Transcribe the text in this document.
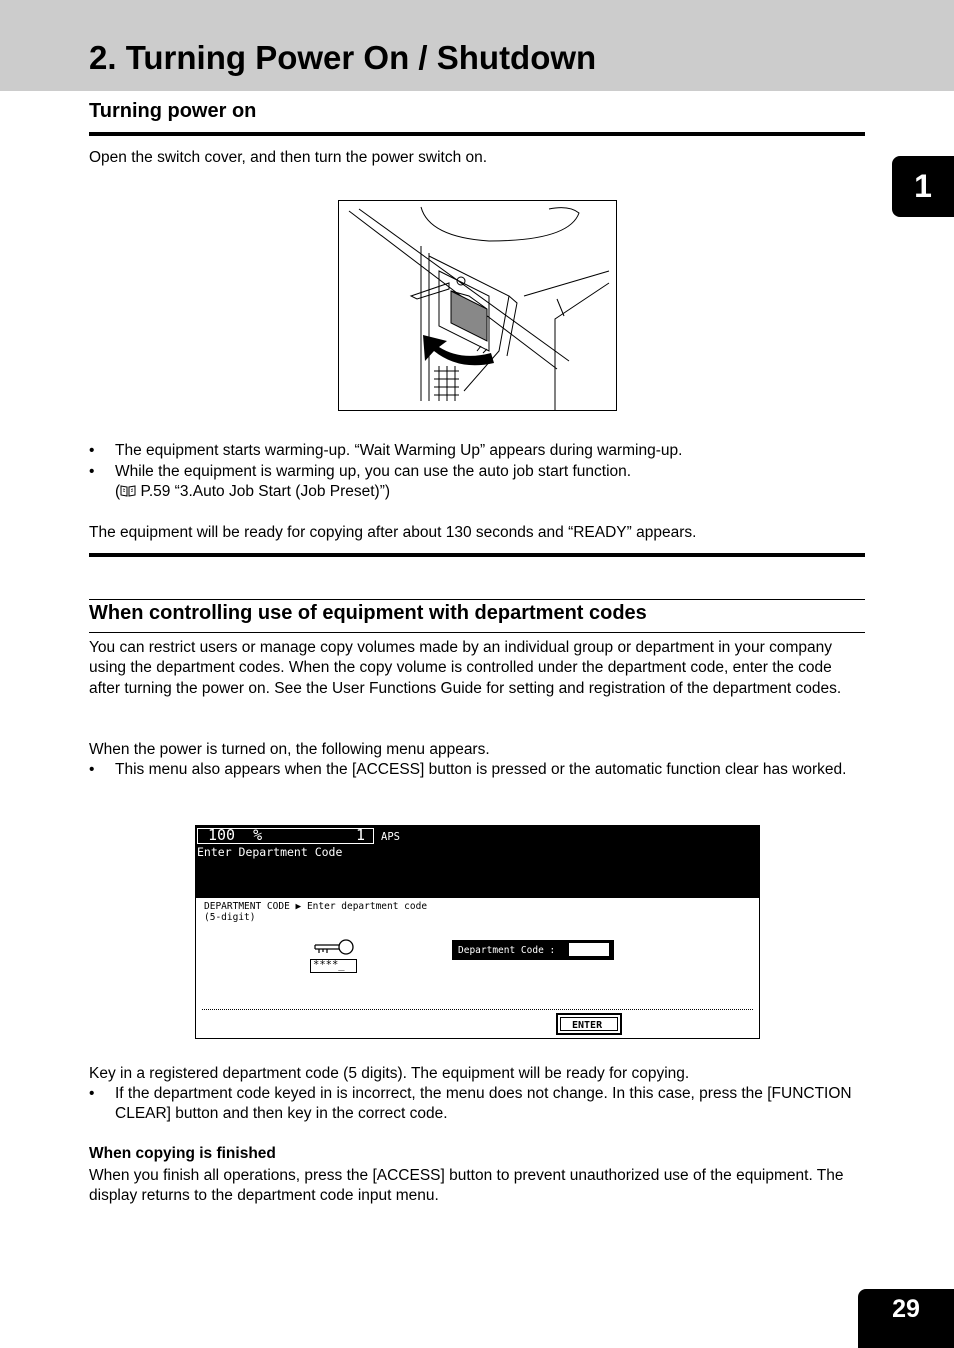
2. Turning Power On / Shutdown
1
Turning power on

Open the switch cover, and then turn the power switch on.

• The equipment starts warming-up. “Wait Warming Up” appears during warming-up.
• While the equipment is warming up, you can use the auto job start function.
( P.59 “3.Auto Job Start (Job Preset)”)

The equipment will be ready for copying after about 130 seconds and “READY” appears.

When controlling use of equipment with department codes

You can restrict users or manage copy volumes made by an individual group or department in your company using the department codes. When the copy volume is controlled under the department code, enter the code after turning the power on. See the User Functions Guide for setting and registration of the department codes.

When the power is turned on, the following menu appears.

• This menu also appears when the [ACCESS] button is pressed or the automatic function clear has worked.
100  %	1 APS
Enter Department Code
DEPARTMENT CODE ▶ Enter department code
(5-digit)
****_
Department Code :
ENTER

Key in a registered department code (5 digits). The equipment will be ready for copying.

• If the department code keyed in is incorrect, the menu does not change. In this case, press the [FUNCTION CLEAR] button and then key in the correct code.
When copying is finished

When you finish all operations, press the [ACCESS] button to prevent unauthorized use of the equipment. The display returns to the department code input menu.

29
